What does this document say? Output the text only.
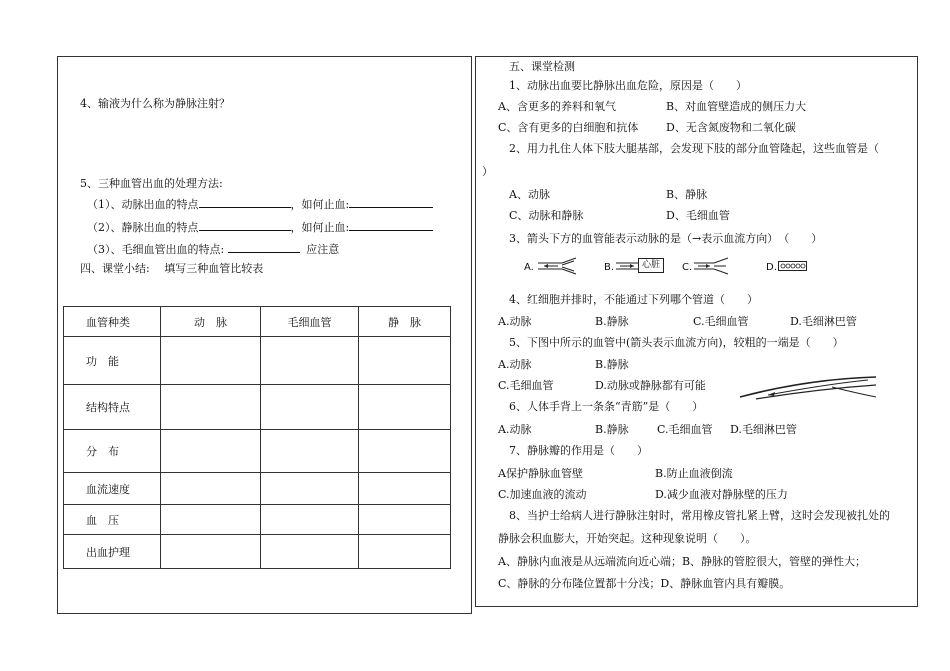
4、输液为什么称为静脉注射？
5、三种血管出血的处理方法:
（1）、动脉出血的特点	，如何止血:
（2）、静脉出血的特点	，如何止血:
（3）、毛细血管出血的特点:	应注意
四、课堂小结:　 填写三种血管比较表
血管种类	动　脉	毛细血管	静　脉
功　能			
结构特点			
分　布			
血流速度			
血　压			
出血护理			
五、课堂检测
1、动脉出血要比静脉出血危险，原因是（　　）
A、含更多的养料和氧气	B、对血管壁造成的侧压力大
C、含有更多的白细胞和抗体	D、无含氮废物和二氧化碳
2、用力扎住人体下肢大腿基部，会发现下肢的部分血管隆起，这些血管是（
）
A、动脉	B、静脉
C、动脉和静脉	D、毛细血管
3、箭头下方的血管能表示动脉的是（→表示血流方向）　（　　）
A.	B.	心脏	C.	D.
4、红细胞并排时，不能通过下列哪个管道（　　）
A.动脉	B.静脉	C.毛细血管	D.毛细淋巴管
5、下图中所示的血管中(箭头表示血流方向)，较粗的一端是（　　）
A.动脉	B.静脉
C.毛细血管	D.动脉或静脉都有可能
6、人体手背上一条条“青筋”是（　　）
A.动脉	B.静脉	C.毛细血管 D.毛细淋巴管
7、静脉瓣的作用是（　　）
A保护静脉血管壁	B.防止血液倒流
C.加速血液的流动	D.减少血液对静脉壁的压力
8、当护士给病人进行静脉注射时，常用橡皮管扎紧上臂，这时会发现被扎处的
静脉会积血膨大，开始突起。这种现象说明（　　）。
A、静脉内血液是从远端流向近心端；B、静脉的管腔很大，管壁的弹性大；
C、静脉的分布隆位置都十分浅；D、静脉血管内具有瓣膜。
